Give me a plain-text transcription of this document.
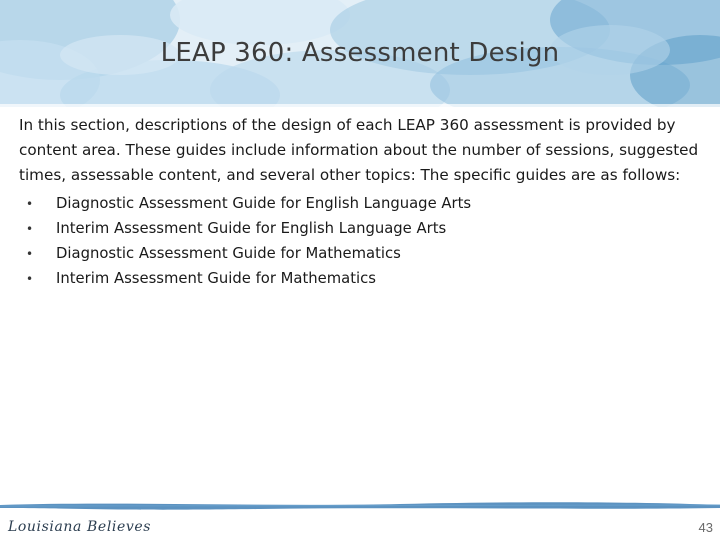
LEAP 360: Assessment Design

In this section, descriptions of the design of each LEAP 360 assessment is provided by content area. These guides include information about the number of sessions, suggested times, assessable content, and several other topics: The specific guides are as follows:

• Diagnostic Assessment Guide for English Language Arts
• Interim Assessment Guide for English Language Arts
• Diagnostic Assessment Guide for Mathematics
• Interim Assessment Guide for Mathematics
Louisiana Believes	43
